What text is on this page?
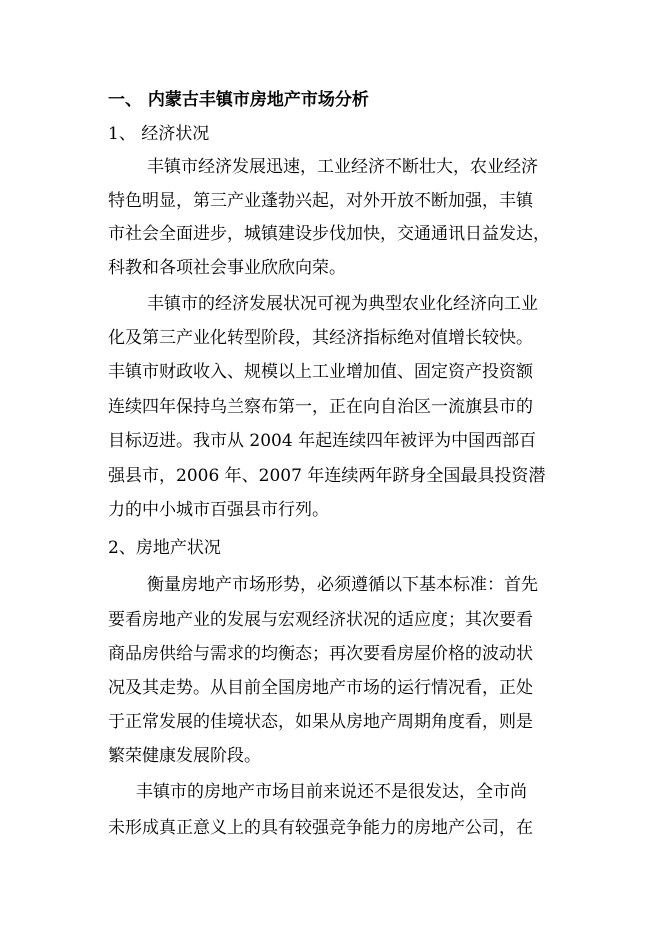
一、 内蒙古丰镇市房地产市场分析
1、 经济状况
丰镇市经济发展迅速，工业经济不断壮大，农业经济
特色明显，第三产业蓬勃兴起，对外开放不断加强，丰镇
市社会全面进步，城镇建设步伐加快，交通通讯日益发达，
科教和各项社会事业欣欣向荣。
丰镇市的经济发展状况可视为典型农业化经济向工业
化及第三产业化转型阶段，其经济指标绝对值增长较快。
丰镇市财政收入、规模以上工业增加值、固定资产投资额
连续四年保持乌兰察布第一，正在向自治区一流旗县市的
目标迈进。我市从 2004 年起连续四年被评为中国西部百
强县市，2006 年、2007 年连续两年跻身全国最具投资潜
力的中小城市百强县市行列。
2、房地产状况
衡量房地产市场形势，必须遵循以下基本标准：首先
要看房地产业的发展与宏观经济状况的适应度；其次要看
商品房供给与需求的均衡态；再次要看房屋价格的波动状
况及其走势。从目前全国房地产市场的运行情况看，正处
于正常发展的佳境状态，如果从房地产周期角度看，则是
繁荣健康发展阶段。
丰镇市的房地产市场目前来说还不是很发达，全市尚
未形成真正意义上的具有较强竞争能力的房地产公司，在
